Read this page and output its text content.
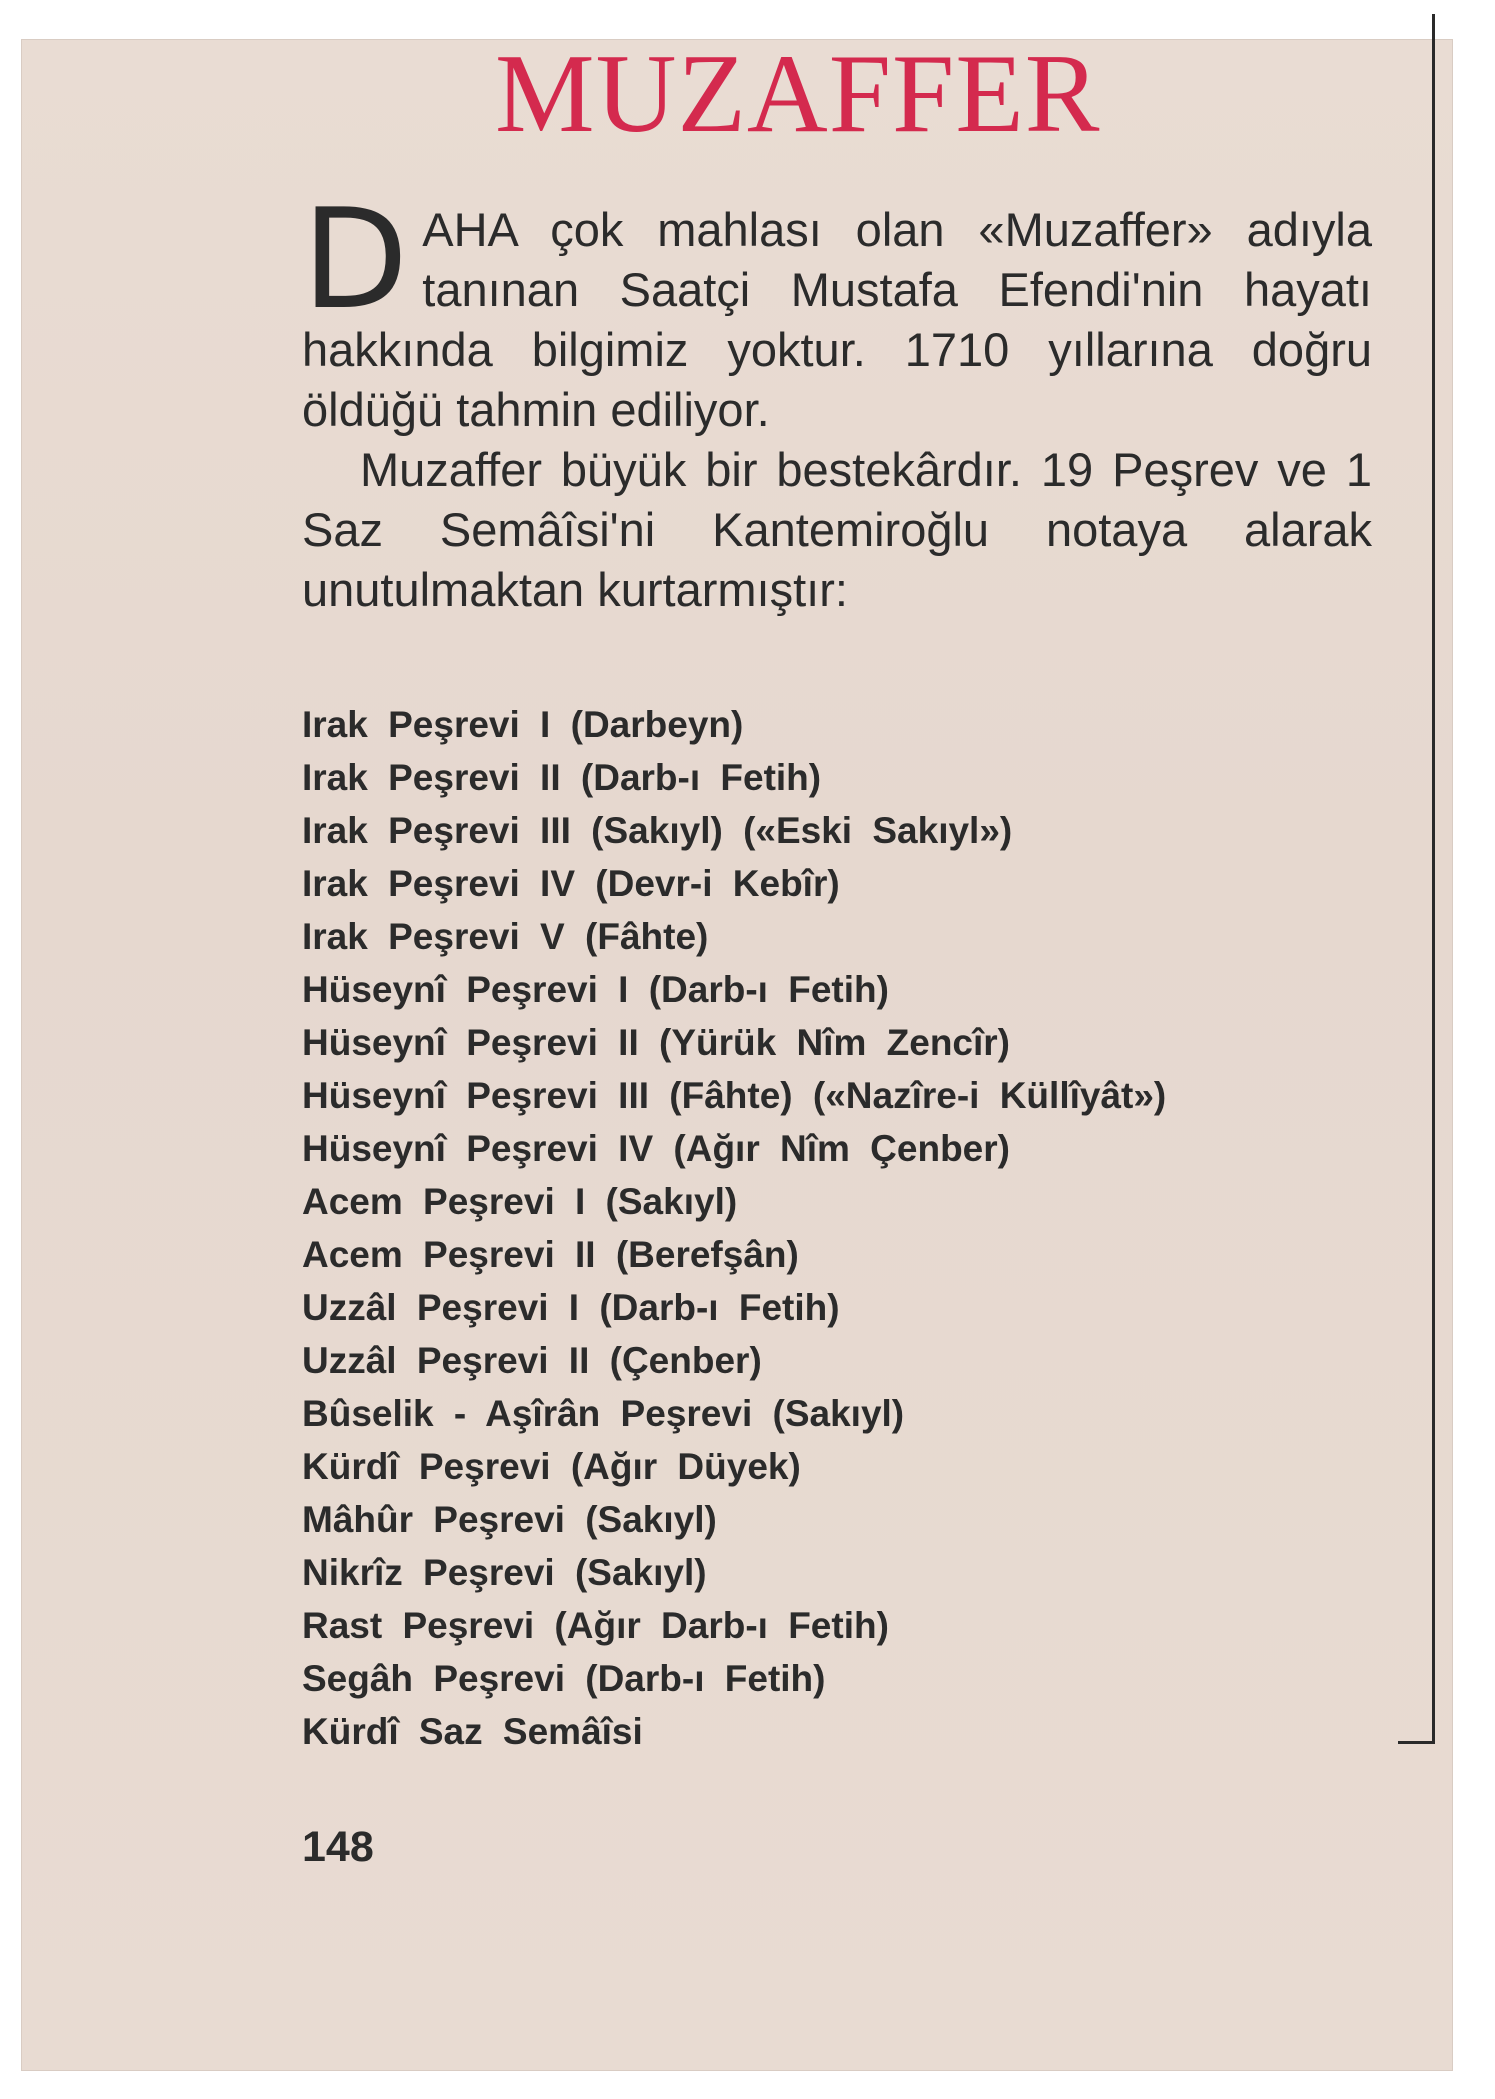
MUZAFFER

DAHA çok mahlası olan «Muzaffer» adıyla tanınan Saatçi Mustafa Efendi'nin hayatı hakkında bilgimiz yoktur. 1710 yıllarına doğru öldüğü tahmin ediliyor.

Muzaffer büyük bir bestekârdır. 19 Peşrev ve 1 Saz Semâîsi'ni Kantemiroğlu notaya alarak unutulmaktan kurtarmıştır:

Irak Peşrevi I (Darbeyn)
Irak Peşrevi II (Darb-ı Fetih)
Irak Peşrevi III (Sakıyl) («Eski Sakıyl»)
Irak Peşrevi IV (Devr-i Kebîr)
Irak Peşrevi V (Fâhte)
Hüseynî Peşrevi I (Darb-ı Fetih)
Hüseynî Peşrevi II (Yürük Nîm Zencîr)
Hüseynî Peşrevi III (Fâhte) («Nazîre-i Küllîyât»)
Hüseynî Peşrevi IV (Ağır Nîm Çenber)
Acem Peşrevi I (Sakıyl)
Acem Peşrevi II (Berefşân)
Uzzâl Peşrevi I (Darb-ı Fetih)
Uzzâl Peşrevi II (Çenber)
Bûselik - Aşîrân Peşrevi (Sakıyl)
Kürdî Peşrevi (Ağır Düyek)
Mâhûr Peşrevi (Sakıyl)
Nikrîz Peşrevi (Sakıyl)
Rast Peşrevi (Ağır Darb-ı Fetih)
Segâh Peşrevi (Darb-ı Fetih)
Kürdî Saz Semâîsi
148
